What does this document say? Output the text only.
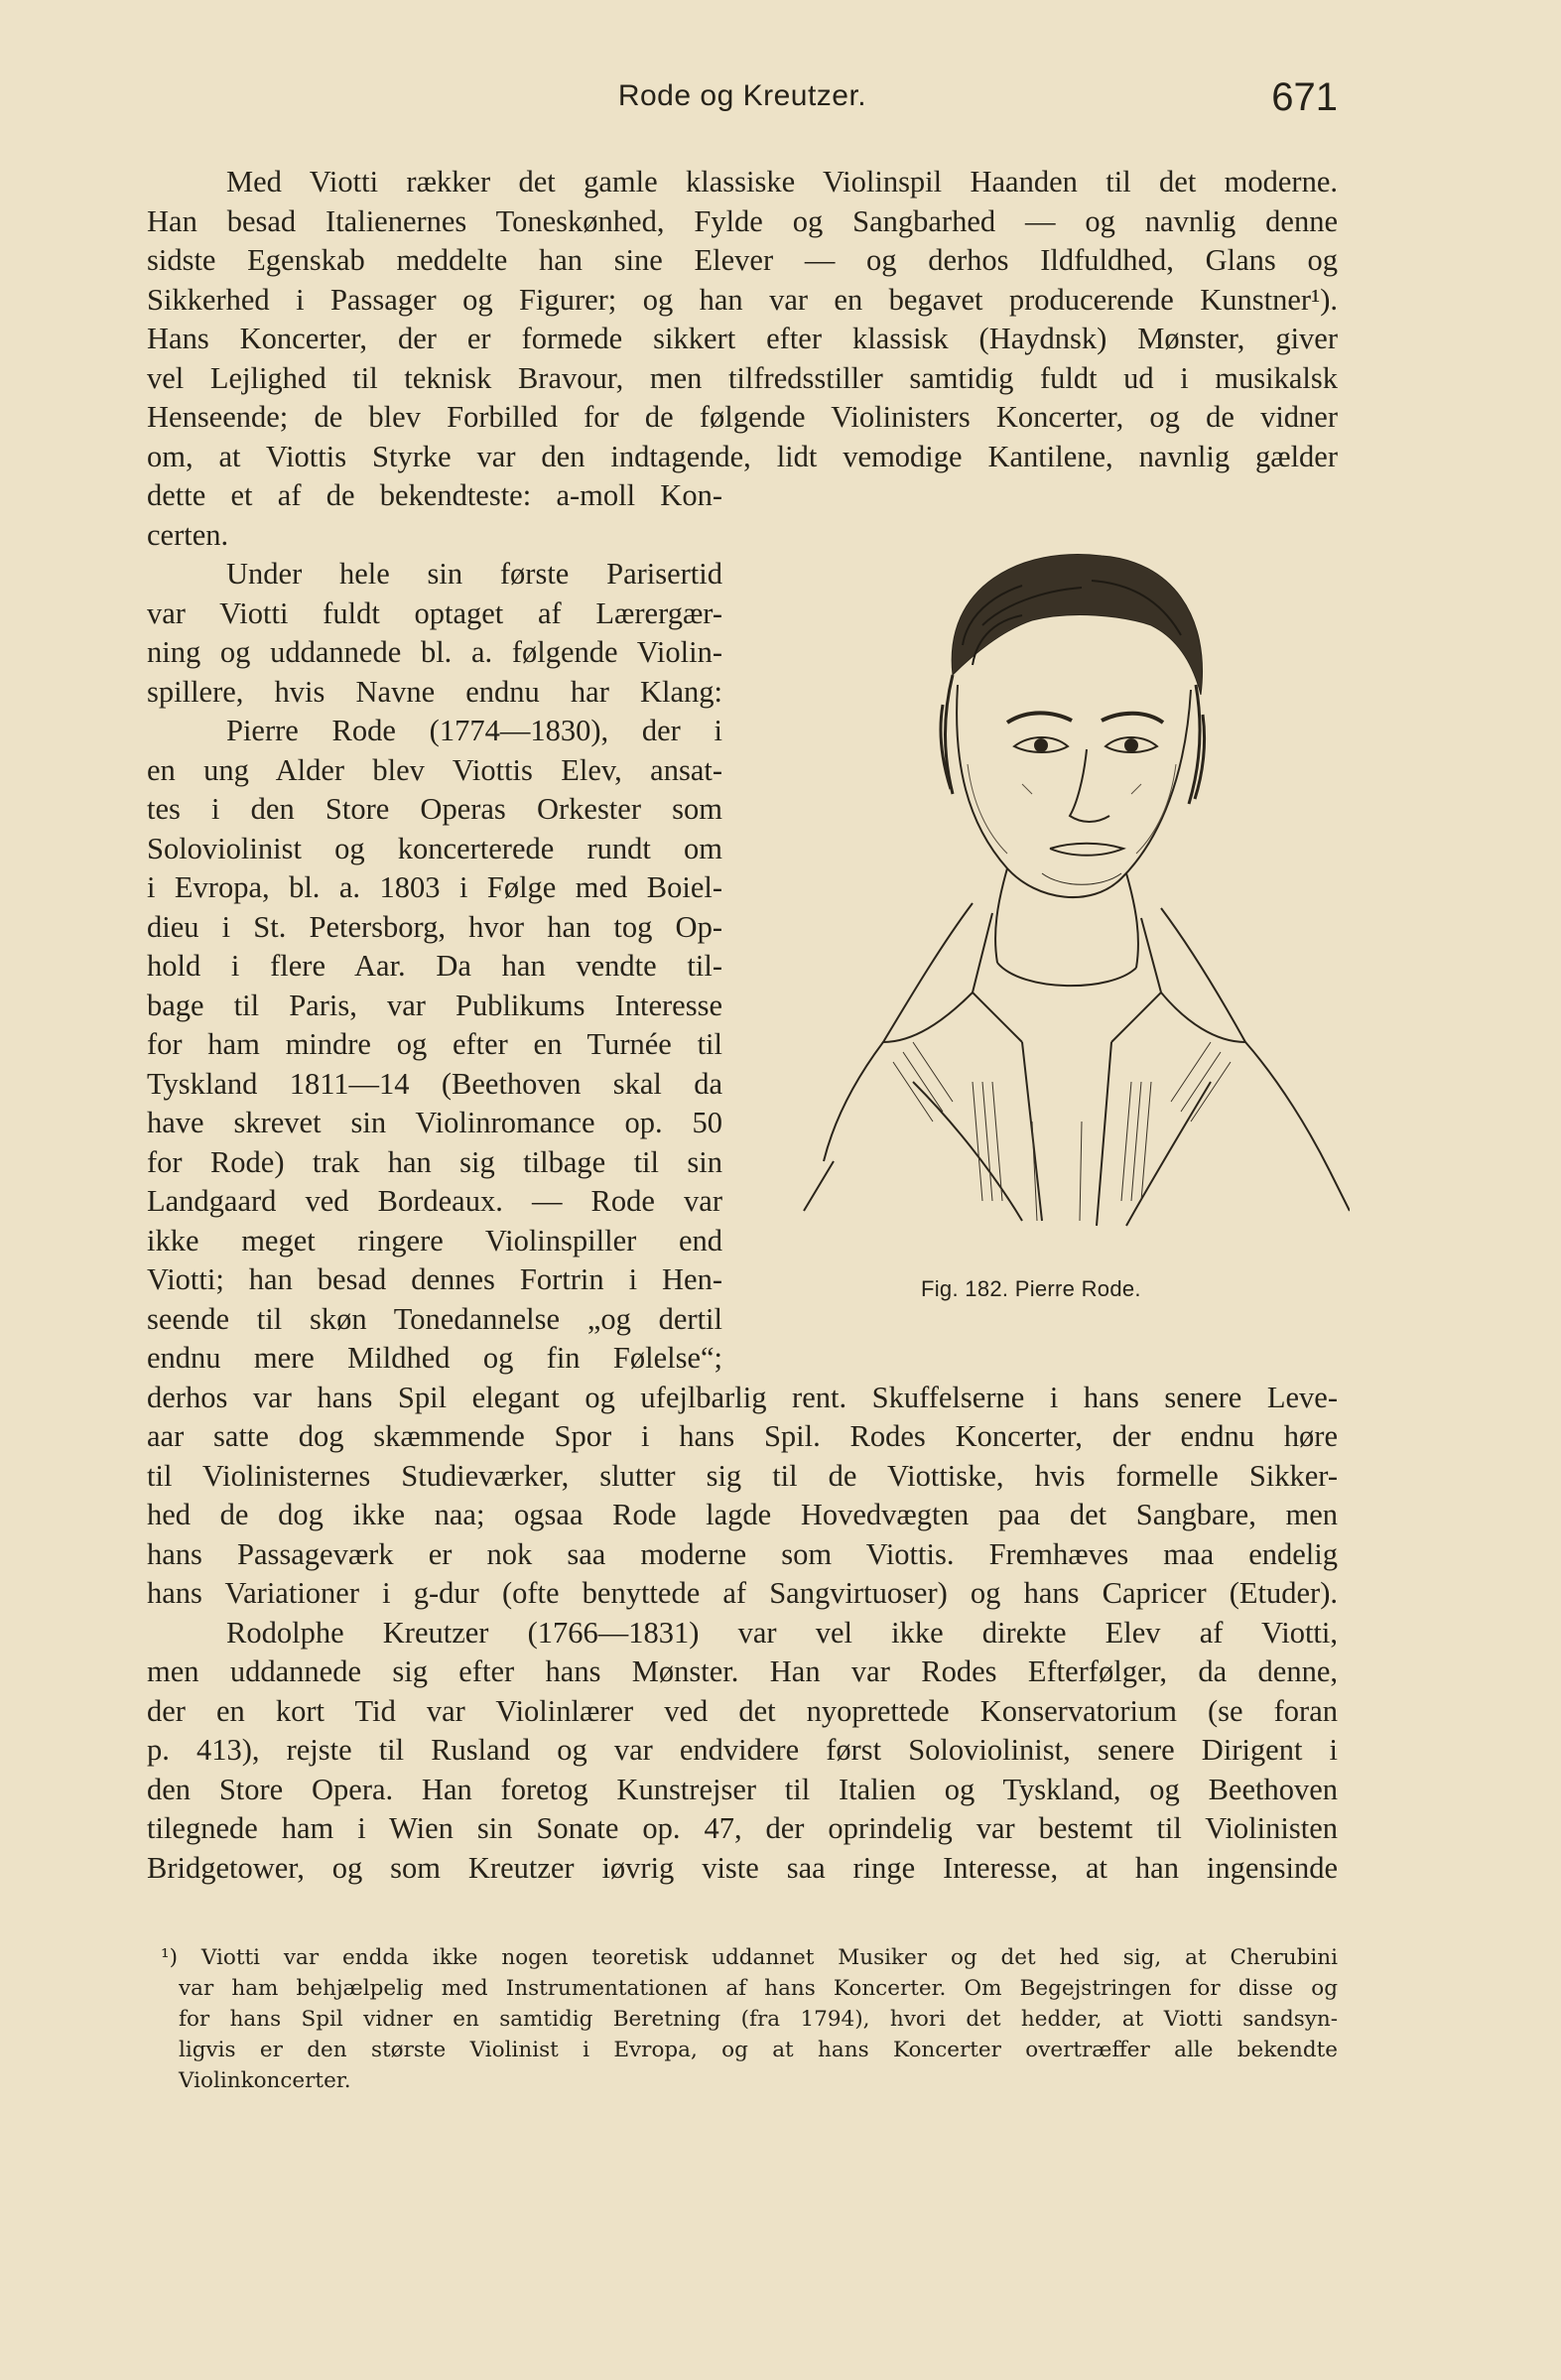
Rode og Kreutzer.	671
Med Viotti rækker det gamle klassiske Violinspil Haanden til det moderne.
Han besad Italienernes Toneskønhed, Fylde og Sangbarhed — og navnlig denne
sidste Egenskab meddelte han sine Elever — og derhos Ildfuldhed, Glans og
Sikkerhed i Passager og Figurer; og han var en begavet producerende Kunstner¹).
Hans Koncerter, der er formede sikkert efter klassisk (Haydnsk) Mønster, giver
vel Lejlighed til teknisk Bravour, men tilfredsstiller samtidig fuldt ud i musikalsk
Henseende; de blev Forbilled for de følgende Violinisters Koncerter, og de vidner
om, at Viottis Styrke var den indtagende, lidt vemodige Kantilene, navnlig gælder
dette et af de bekendteste: a-moll Kon-
certen.
Under hele sin første Parisertid
var Viotti fuldt optaget af Lærergær-
ning og uddannede bl. a. følgende Violin-
spillere, hvis Navne endnu har Klang:
Pierre Rode (1774—1830), der i
en ung Alder blev Viottis Elev, ansat-
tes i den Store Operas Orkester som
Soloviolinist og koncerterede rundt om
i Evropa, bl. a. 1803 i Følge med Boiel-
dieu i St. Petersborg, hvor han tog Op-
hold i flere Aar. Da han vendte til-
bage til Paris, var Publikums Interesse
for ham mindre og efter en Turnée til
Tyskland 1811—14 (Beethoven skal da
have skrevet sin Violinromance op. 50
for Rode) trak han sig tilbage til sin
Landgaard ved Bordeaux. — Rode var
ikke meget ringere Violinspiller end
Viotti; han besad dennes Fortrin i Hen-
seende til skøn Tonedannelse „og dertil
endnu mere Mildhed og fin Følelse“;
derhos var hans Spil elegant og ufejlbarlig rent. Skuffelserne i hans senere Leve-
aar satte dog skæmmende Spor i hans Spil. Rodes Koncerter, der endnu høre
til Violinisternes Studieværker, slutter sig til de Viottiske, hvis formelle Sikker-
hed de dog ikke naa; ogsaa Rode lagde Hovedvægten paa det Sangbare, men
hans Passageværk er nok saa moderne som Viottis. Fremhæves maa endelig
hans Variationer i g-dur (ofte benyttede af Sangvirtuoser) og hans Capricer (Etuder).
Rodolphe Kreutzer (1766—1831) var vel ikke direkte Elev af Viotti,
men uddannede sig efter hans Mønster. Han var Rodes Efterfølger, da denne,
der en kort Tid var Violinlærer ved det nyoprettede Konservatorium (se foran
p. 413), rejste til Rusland og var endvidere først Soloviolinist, senere Dirigent i
den Store Opera. Han foretog Kunstrejser til Italien og Tyskland, og Beethoven
tilegnede ham i Wien sin Sonate op. 47, der oprindelig var bestemt til Violinisten
Bridgetower, og som Kreutzer iøvrig viste saa ringe Interesse, at han ingensinde
Fig. 182. Pierre Rode.
¹) Viotti var endda ikke nogen teoretisk uddannet Musiker og det hed sig, at Cherubini
var ham behjælpelig med Instrumentationen af hans Koncerter. Om Begejstringen for disse og
for hans Spil vidner en samtidig Beretning (fra 1794), hvori det hedder, at Viotti sandsyn-
ligvis er den største Violinist i Evropa, og at hans Koncerter overtræffer alle bekendte
Violinkoncerter.
